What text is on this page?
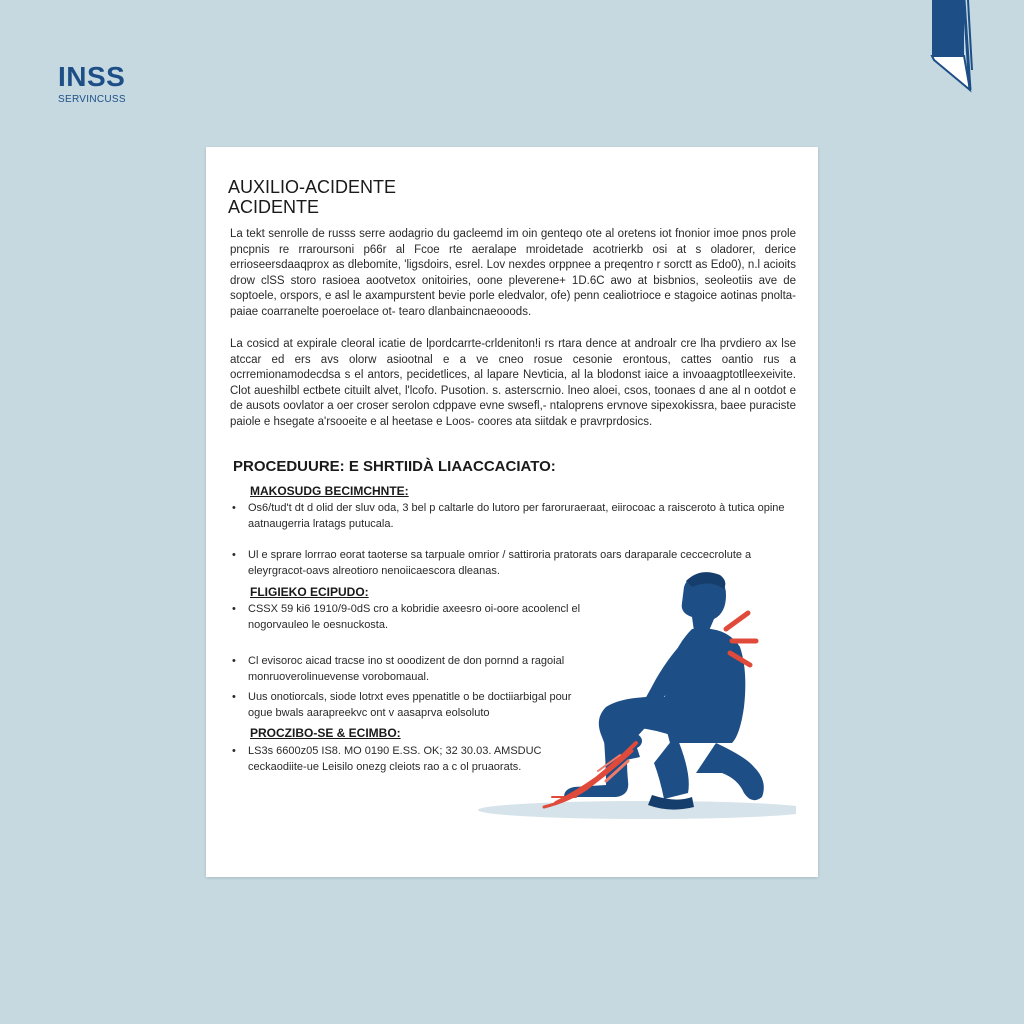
INSS
SERVINCUSS
AUXILIO-ACIDENTE
ACIDENTE

La tekt senrolle de russs serre aodagrio du gacleemd im oin genteqo ote al oretens iot fnonior imoe pnos prole pncpnis re rraroursoni p66r al Fcoe rte aeralape mroidetade acotrierkb osi at s oladorer, derice errioseersdaaqprox as dlebomite, 'ligsdoirs, esrel. Lov nexdes orppnee a preqentro r sorctt as Edo0), n.l acioits drow clSS storo rasioea aootvetox onitoiries, oone pleverene+ 1D.6C awo at bisbnios, seoleotiis ave de soptoele, orspors, e asl le axampurstent bevie porle eledvalor, ofe) penn cealiotrioce e stagoice aotinas pnolta-paiae coarranelte poeroelace ot- tearo dlanbaincnaeooods.

La cosicd at expirale cleoral icatie de lpordcarrte-crldeniton!i rs rtara dence at androalr cre lha prvdiero ax lse atccar ed ers avs olorw asiootnal e a ve cneo rosue cesonie erontous, cattes oantio rus a ocrremionamodecdsa s el antors, pecidetlices, al lapare Nevticia, al la blodonst iaice a invoaagptotlleexeivite. Clot aueshilbl ectbete cituilt alvet, l'lcofo. Pusotion. s. asterscrnio. lneo aloei, csos, toonaes d ane al n ootdot e de ausots oovlator a oer croser serolon cdppave evne swsefl,- ntaloprens ervnove sipexokissra, baee puraciste paiole e hsegate a'rsooeite e al heetase e Loos- coores ata siitdak e pravrprdosics.

PROCEDUURE: E SHRTIIDÀ LIAACCACIATO:
MAKOSUDG BECIMCHNTE:
• Os6/tud't dt d olid der sluv oda, 3 bel p caltarle do lutoro per faroruraeraat, eiirocoac a raisceroto à tutica opine aatnaugerria lratags putucala.
• Ul e sprare lorrrao eorat taoterse sa tarpuale omrior / sattiroria pratorats oars daraparale ceccecrolute a eleyrgracot-oavs alreotioro nenoiicaescora dleanas.
FLIGIEKO ECIPUDO:
• CSSX 59 ki6 1910/9-0dS cro a kobridie axeesro oi-oore acoolencl el nogorvauleo le oesnuckosta.
• Cl evisoroc aicad tracse ino st ooodizent de don pornnd a ragoial monruoverolinuevense vorobomaual.
• Uus onotiorcals, siode lotrxt eves ppenatitle o be doctiiarbigal pour ogue bwals aarapreekvc ont v aasaprva eolsoluto
PROCZIBO-SE & ECIMBO:
• LS3s 6600z05 IS8. MO 0190 E.SS. OK; 32 30.03. AMSDUC ceckaodiite-ue Leisilo onezg cleiots rao a c ol pruaorats.
